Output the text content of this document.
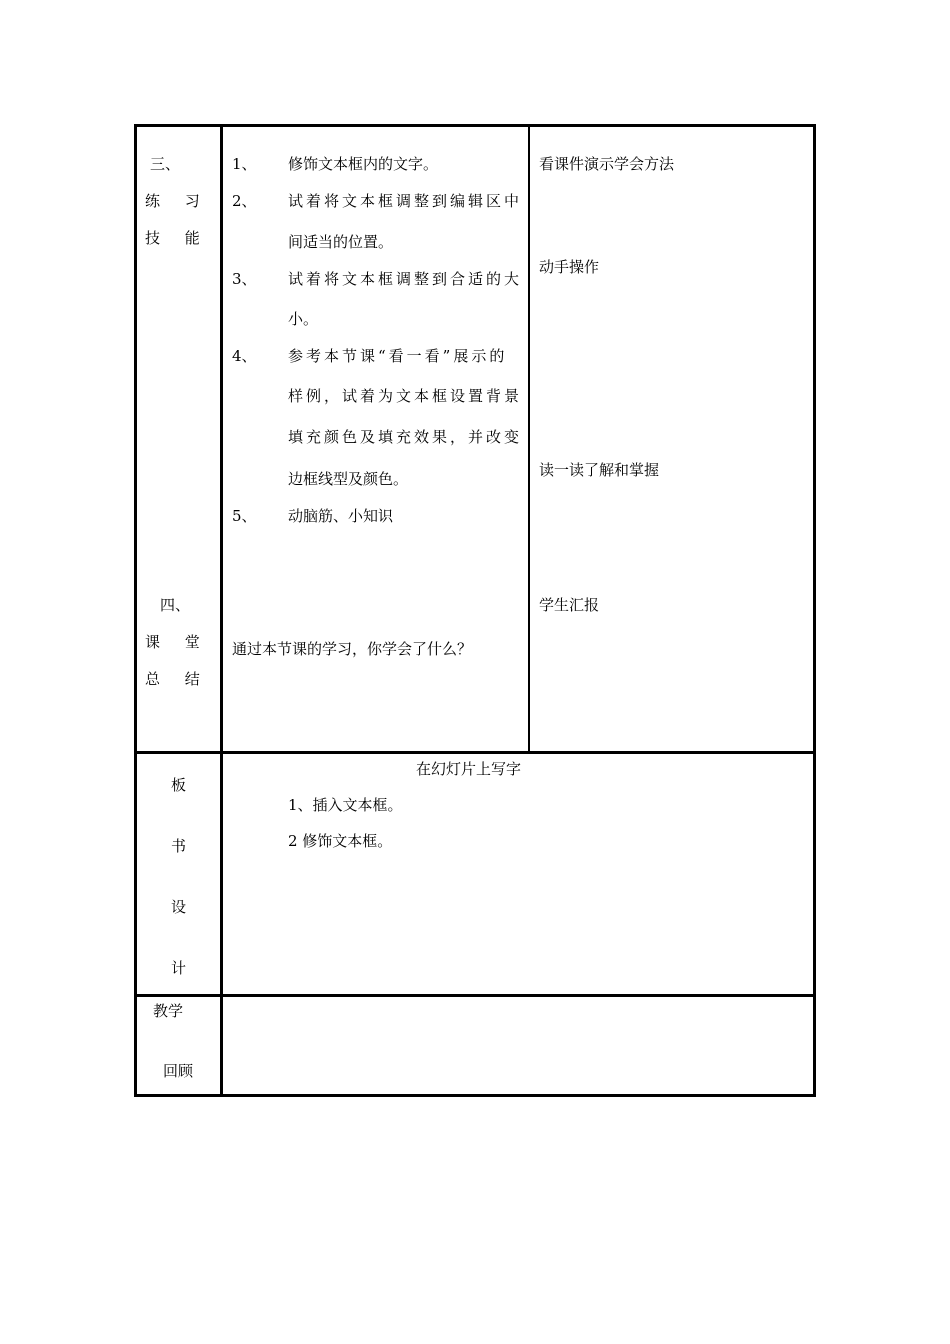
三、
练 习
技 能
1、 修饰文本框内的文字。
2、 试着将文本框调整到编辑区中
间适当的位置。
3、 试着将文本框调整到合适的大
小。
4、 参考本节课“看一看”展示的
样例，试着为文本框设置背景
填充颜色及填充效果，并改变
边框线型及颜色。
5、 动脑筋、小知识
看课件演示学会方法
动手操作
读一读了解和掌握
学生汇报
四、
课 堂
总 结
通过本节课的学习，你学会了什么？
板
书
设
计
在幻灯片上写字
1、插入文本框。
2 修饰文本框。
教学
回顾
